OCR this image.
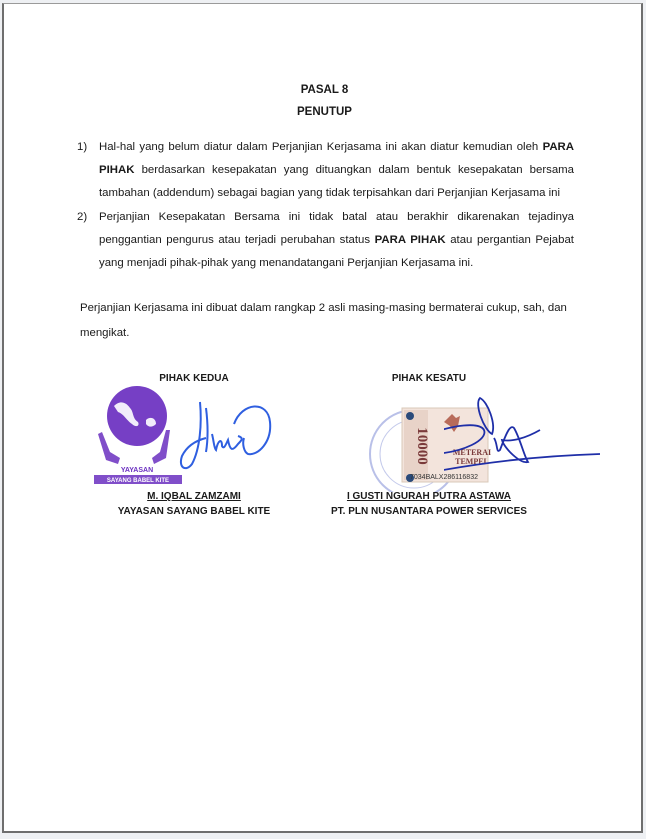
PASAL 8
PENUTUP
1) Hal-hal yang belum diatur dalam Perjanjian Kerjasama ini akan diatur kemudian oleh PARA PIHAK berdasarkan kesepakatan yang dituangkan dalam bentuk kesepakatan bersama tambahan (addendum) sebagai bagian yang tidak terpisahkan dari Perjanjian Kerjasama ini
2) Perjanjian Kesepakatan Bersama ini tidak batal atau berakhir dikarenakan tejadinya penggantian pengurus atau terjadi perubahan status PARA PIHAK atau pergantian Pejabat yang menjadi pihak-pihak yang menandatangani Perjanjian Kerjasama ini.
Perjanjian Kerjasama ini dibuat dalam rangkap 2 asli masing-masing bermaterai cukup, sah, dan mengikat.
PIHAK KEDUA
YAYASAN
SAYANG BABEL KITE
M. IQBAL ZAMZAMI
YAYASAN SAYANG BABEL KITE
PIHAK KESATU
10000	METERAI
TEMPEL
7034BALX286116832
I GUSTI NGURAH PUTRA ASTAWA
PT. PLN NUSANTARA POWER SERVICES
